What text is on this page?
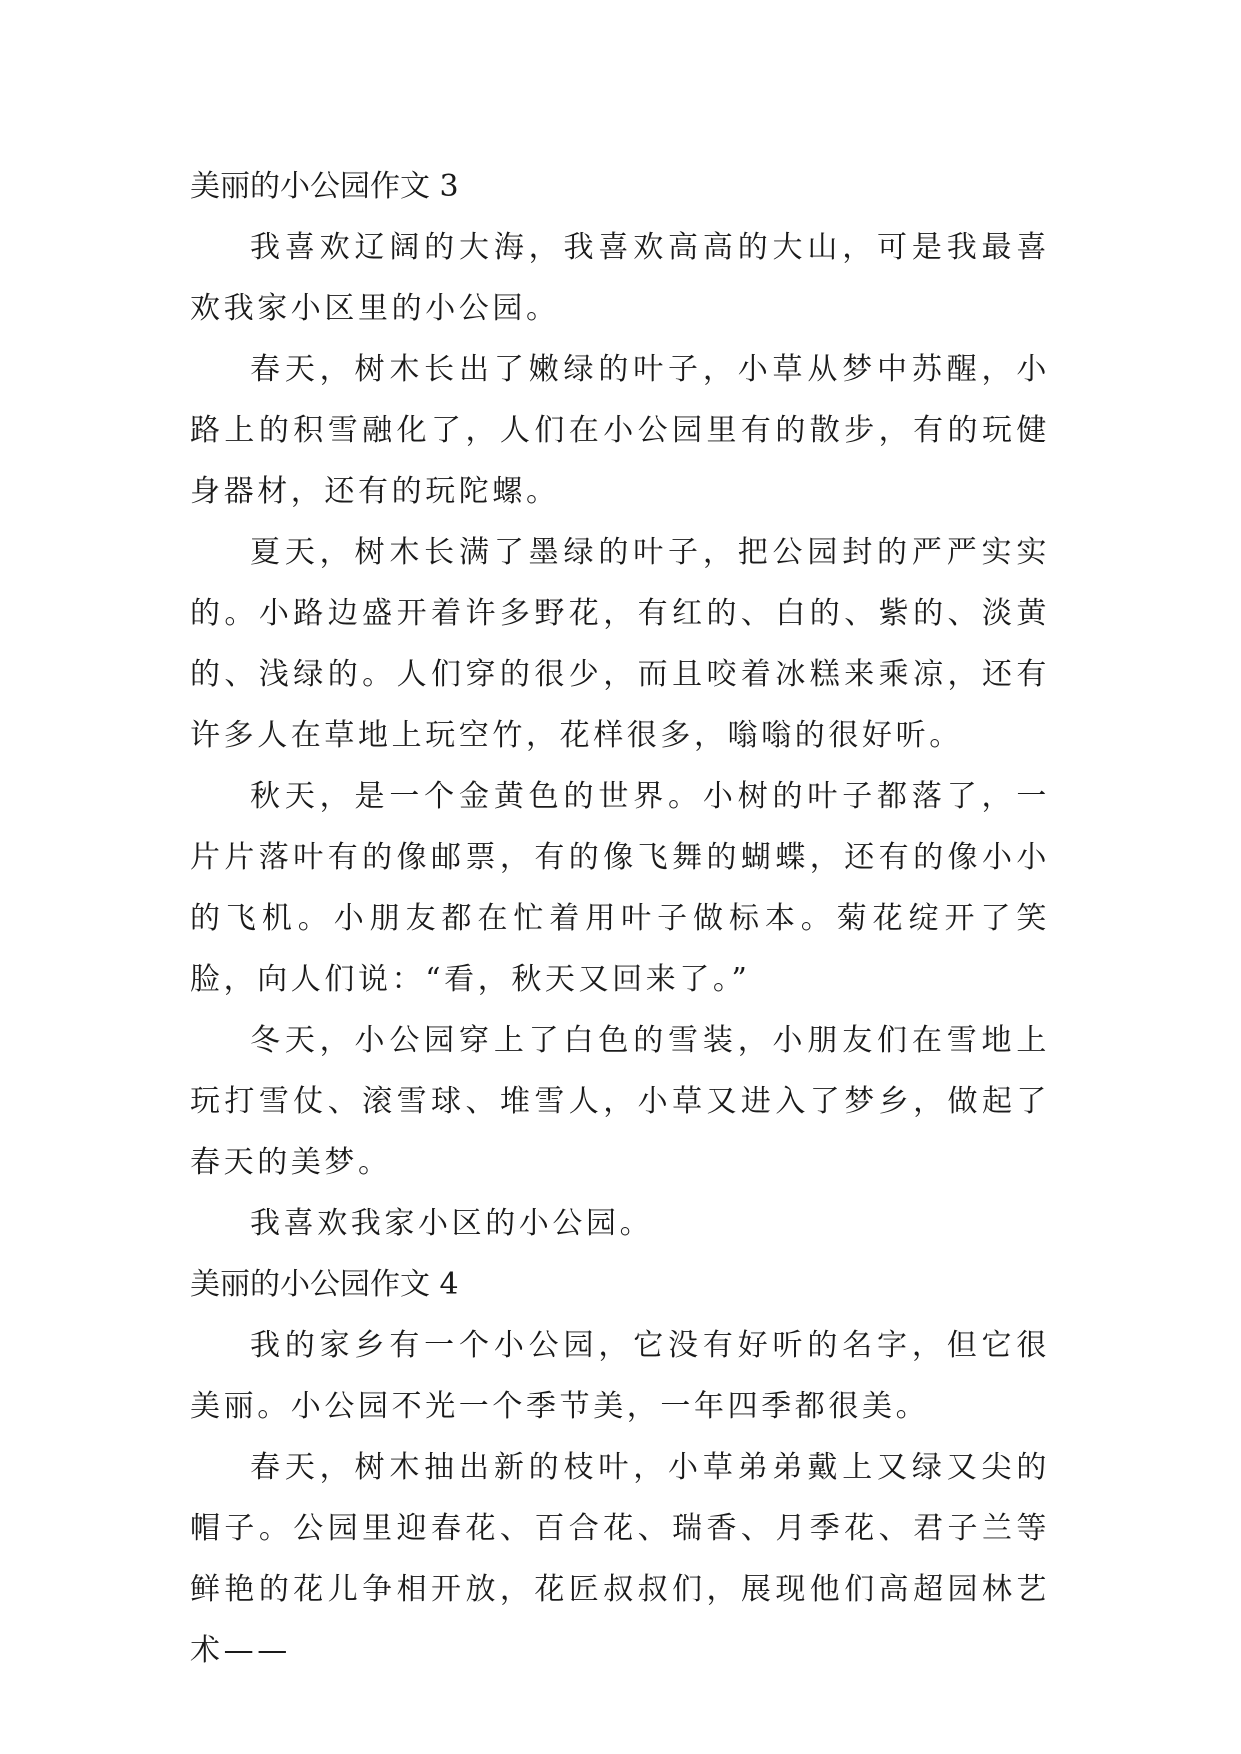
美丽的小公园作文 3

我喜欢辽阔的大海，我喜欢高高的大山，可是我最喜欢我家小区里的小公园。

春天，树木长出了嫩绿的叶子，小草从梦中苏醒，小路上的积雪融化了，人们在小公园里有的散步，有的玩健身器材，还有的玩陀螺。

夏天，树木长满了墨绿的叶子，把公园封的严严实实的。小路边盛开着许多野花，有红的、白的、紫的、淡黄的、浅绿的。人们穿的很少，而且咬着冰糕来乘凉，还有许多人在草地上玩空竹，花样很多，嗡嗡的很好听。

秋天，是一个金黄色的世界。小树的叶子都落了，一片片落叶有的像邮票，有的像飞舞的蝴蝶，还有的像小小的飞机。小朋友都在忙着用叶子做标本。菊花绽开了笑脸，向人们说：“看，秋天又回来了。”

冬天，小公园穿上了白色的雪装，小朋友们在雪地上玩打雪仗、滚雪球、堆雪人，小草又进入了梦乡，做起了春天的美梦。

我喜欢我家小区的小公园。

美丽的小公园作文 4

我的家乡有一个小公园，它没有好听的名字，但它很美丽。小公园不光一个季节美，一年四季都很美。

春天，树木抽出新的枝叶，小草弟弟戴上又绿又尖的帽子。公园里迎春花、百合花、瑞香、月季花、君子兰等鲜艳的花儿争相开放，花匠叔叔们，展现他们高超园林艺术——
